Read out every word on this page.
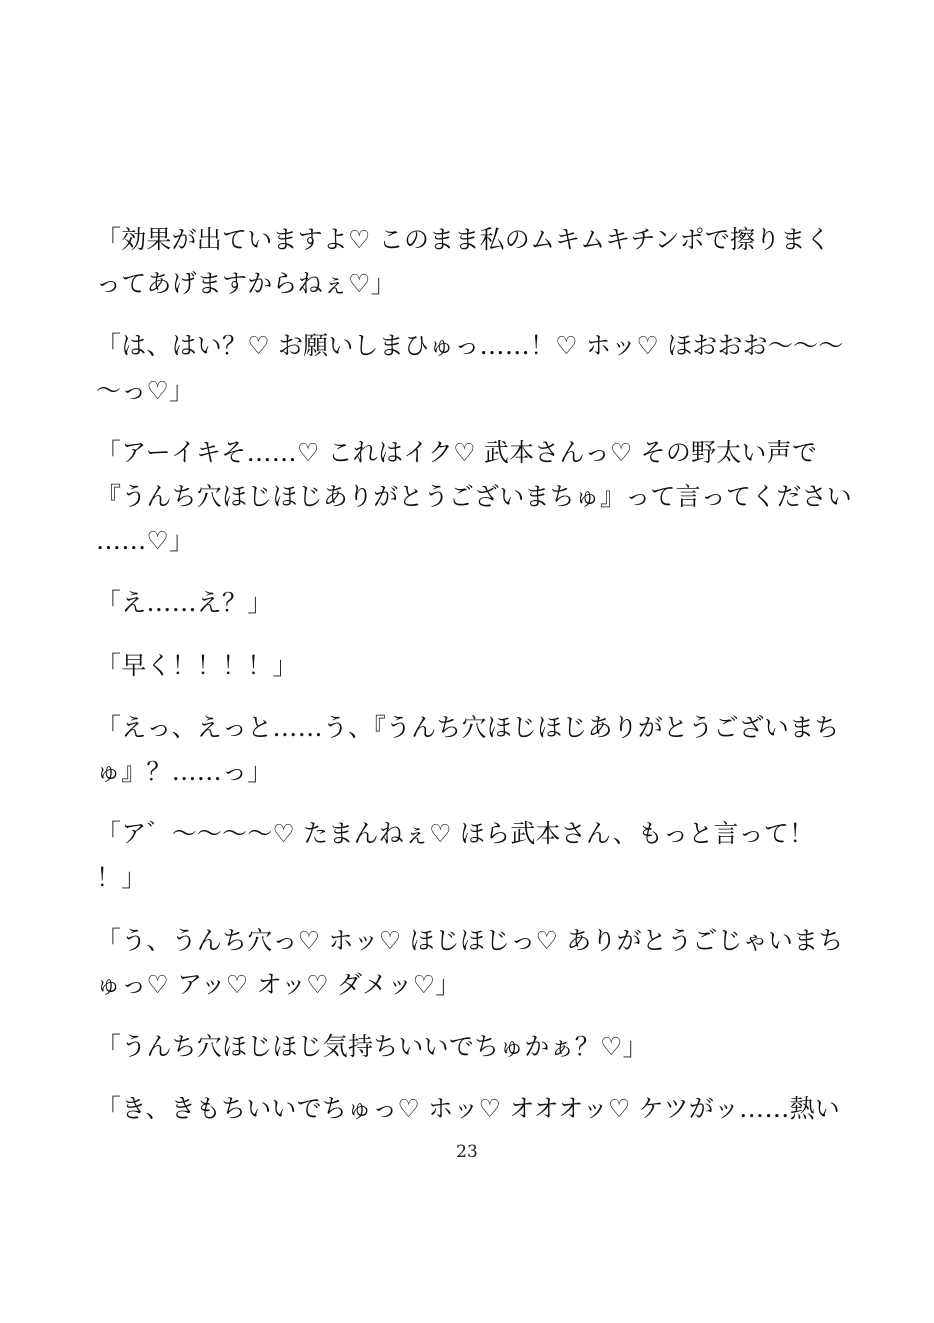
「効果が出ていますよ♡ このまま私のムキムキチンポで擦りまく
ってあげますからねぇ♡」
「は、はい？♡ お願いしまひゅっ……！♡ ホッ♡ ほおおお〜〜〜
〜っ♡」
「アーイキそ……♡ これはイク♡ 武本さんっ♡ その野太い声で
『うんち穴ほじほじありがとうございまちゅ』って言ってください
……♡」
「え……え？」
「早く！！！！」
「えっ、えっと……う、『うんち穴ほじほじありがとうございまち
ゅ』？……っ」
「ア゛〜〜〜〜♡ たまんねぇ♡ ほら武本さん、もっと言って！
！」
「う、うんち穴っ♡ ホッ♡ ほじほじっ♡ ありがとうごじゃいまち
ゅっ♡ アッ♡ オッ♡ ダメッ♡」
「うんち穴ほじほじ気持ちいいでちゅかぁ？♡」
「き、きもちいいでちゅっ♡ ホッ♡ オオオッ♡ ケツがッ……熱い
23
